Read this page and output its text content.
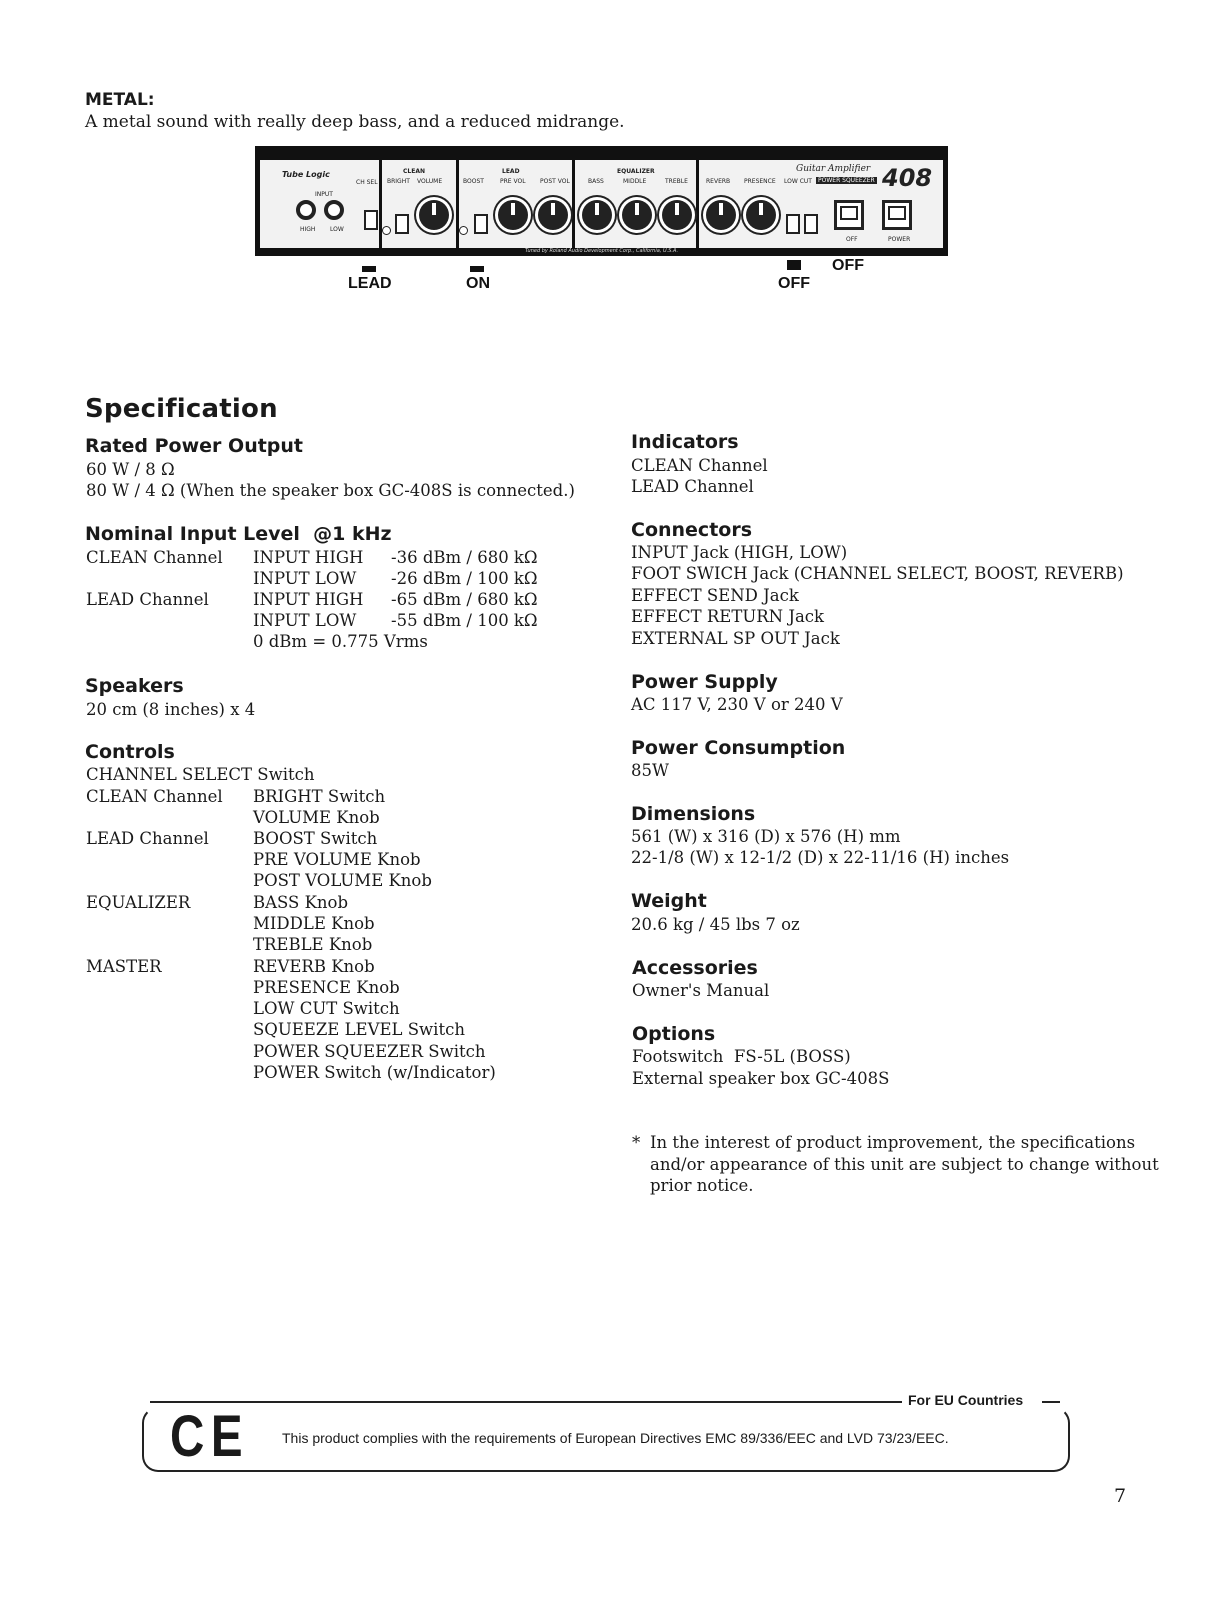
METAL:
A metal sound with really deep bass, and a reduced midrange.
Tube Logic
CH SEL
INPUT
HIGH LOW
CLEAN
BRIGHT VOLUME
LEAD
BOOST	PRE VOL POST VOL
EQUALIZER
BASS	MIDDLE	TREBLE	REVERB PRESENCE LOW CUT	POWER SQUEEZER
Guitar Amplifier 408
OFF	POWER
Tuned by Roland Audio Development Corp., California, U.S.A.
LEAD	ON	OFF
OFF
Specification
Rated Power Output
60 W / 8 Ω
80 W / 4 Ω (When the speaker box GC-408S is connected.)
Nominal Input Level  @1 kHz
CLEAN Channel INPUT HIGH -36 dBm / 680 kΩ
INPUT LOW -26 dBm / 100 kΩ
LEAD Channel	INPUT HIGH -65 dBm / 680 kΩ
INPUT LOW -55 dBm / 100 kΩ
0 dBm = 0.775 Vrms
Speakers
20 cm (8 inches) x 4
Controls
CHANNEL SELECT Switch
CLEAN Channel BRIGHT Switch
VOLUME Knob
LEAD Channel	BOOST Switch
PRE VOLUME Knob
POST VOLUME Knob
EQUALIZER	BASS Knob
MIDDLE Knob
TREBLE Knob
MASTER	REVERB Knob
PRESENCE Knob
LOW CUT Switch
SQUEEZE LEVEL Switch
POWER SQUEEZER Switch
POWER Switch (w/Indicator)
Indicators
CLEAN Channel
LEAD Channel
Connectors
INPUT Jack (HIGH, LOW)
FOOT SWICH Jack (CHANNEL SELECT, BOOST, REVERB)
EFFECT SEND Jack
EFFECT RETURN Jack
EXTERNAL SP OUT Jack
Power Supply
AC 117 V, 230 V or 240 V
Power Consumption
85W
Dimensions
561 (W) x 316 (D) x 576 (H) mm
22-1/8 (W) x 12-1/2 (D) x 22-11/16 (H) inches
Weight
20.6 kg / 45 lbs 7 oz
Accessories
Owner's Manual
Options
Footswitch  FS-5L (BOSS)
External speaker box GC-408S
* In the interest of product improvement, the specifications
and/or appearance of this unit are subject to change without
prior notice.
For EU Countries
CE This product complies with the requirements of European Directives EMC 89/336/EEC and LVD 73/23/EEC.
7
